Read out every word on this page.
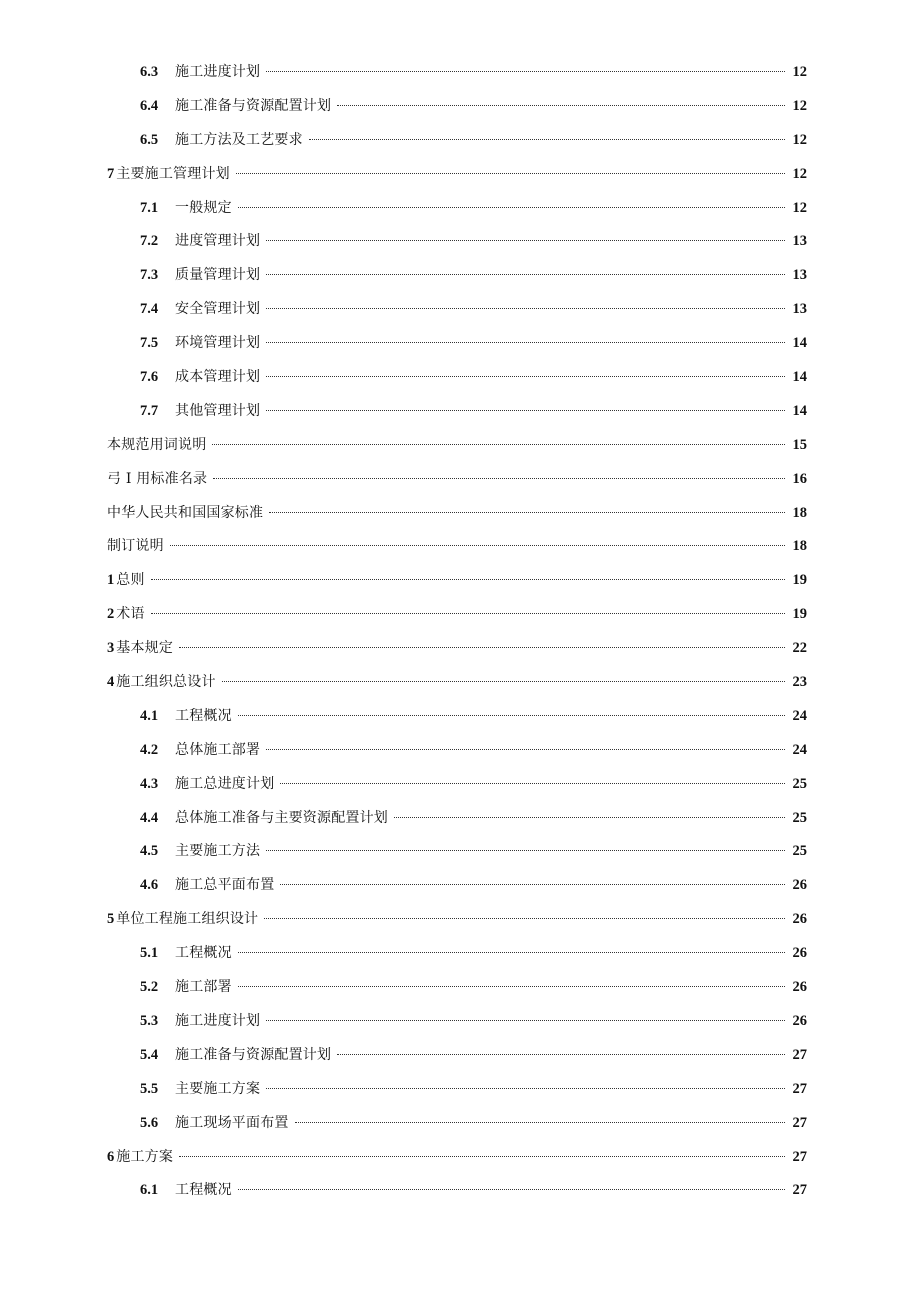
6.3	施工进度计划	12
6.4	施工准备与资源配置计划	12
6.5	施工方法及工艺要求	12
7 主要施工管理计划	12
7.1	一般规定	12
7.2	进度管理计划	13
7.3	质量管理计划	13
7.4	安全管理计划	13
7.5	环境管理计划	14
7.6	成本管理计划	14
7.7	其他管理计划	14
本规范用词说明	15
弓 I 用标准名录	16
中华人民共和国国家标准	18
制订说明	18
1 总则	19
2 术语	19
3 基本规定	22
4 施工组织总设计	23
4.1	工程概况	24
4.2	总体施工部署	24
4.3	施工总进度计划	25
4.4	总体施工准备与主要资源配置计划	25
4.5	主要施工方法	25
4.6	施工总平面布置	26
5 单位工程施工组织设计	26
5.1	工程概况	26
5.2	施工部署	26
5.3	施工进度计划	26
5.4	施工准备与资源配置计划	27
5.5	主要施工方案	27
5.6	施工现场平面布置	27
6 施工方案	27
6.1	工程概况	27
